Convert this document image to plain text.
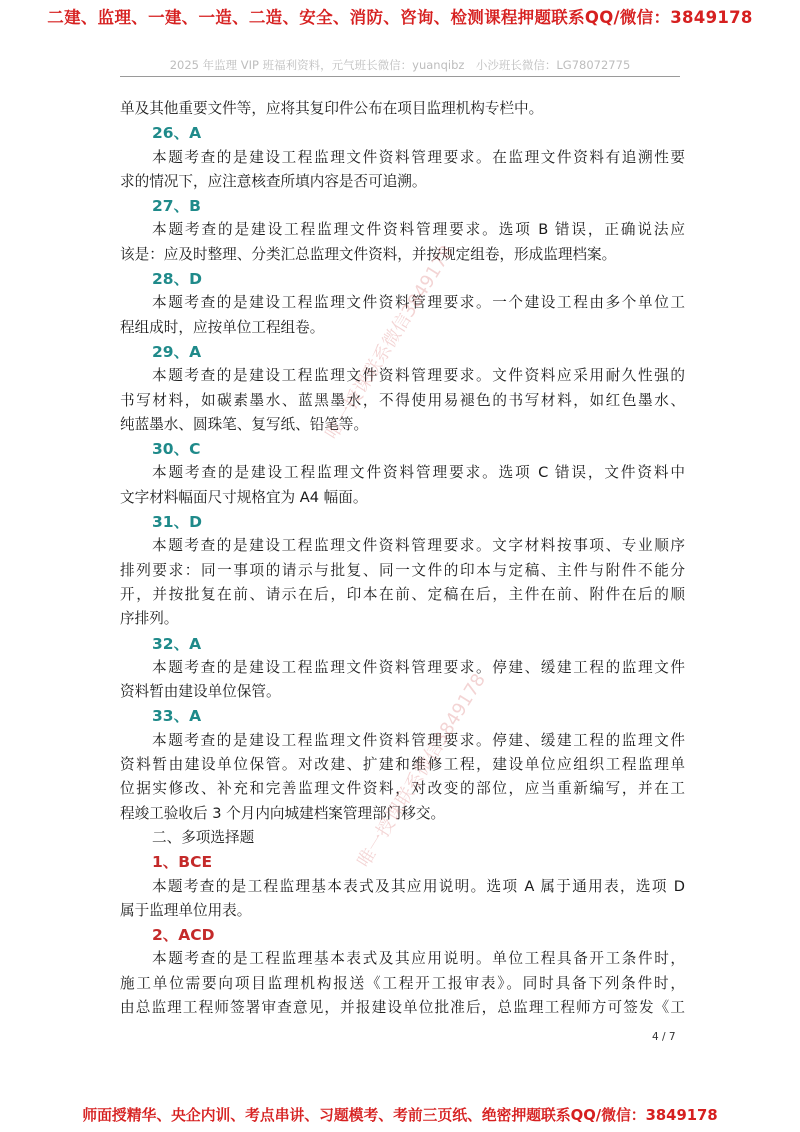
二建、监理、一建、一造、二造、安全、消防、咨询、检测课程押题联系QQ/微信：3849178
2025 年监理 VIP 班福利资料，元气班长微信：yuanqibz　小沙班长微信：LG78072775
单及其他重要文件等，应将其复印件公布在项目监理机构专栏中。
26、A
本题考查的是建设工程监理文件资料管理要求。在监理文件资料有追溯性要
求的情况下，应注意核查所填内容是否可追溯。
27、B
本题考查的是建设工程监理文件资料管理要求。选项 B 错误，正确说法应
该是：应及时整理、分类汇总监理文件资料，并按规定组卷，形成监理档案。
28、D
本题考查的是建设工程监理文件资料管理要求。一个建设工程由多个单位工
程组成时，应按单位工程组卷。
29、A
本题考查的是建设工程监理文件资料管理要求。文件资料应采用耐久性强的
书写材料，如碳素墨水、蓝黑墨水，不得使用易褪色的书写材料，如红色墨水、
纯蓝墨水、圆珠笔、复写纸、铅笔等。
30、C
本题考查的是建设工程监理文件资料管理要求。选项 C 错误，文件资料中
文字材料幅面尺寸规格宜为 A4 幅面。
31、D
本题考查的是建设工程监理文件资料管理要求。文字材料按事项、专业顺序
排列要求：同一事项的请示与批复、同一文件的印本与定稿、主件与附件不能分
开，并按批复在前、请示在后，印本在前、定稿在后，主件在前、附件在后的顺
序排列。
32、A
本题考查的是建设工程监理文件资料管理要求。停建、缓建工程的监理文件
资料暂由建设单位保管。
33、A
本题考查的是建设工程监理文件资料管理要求。停建、缓建工程的监理文件
资料暂由建设单位保管。对改建、扩建和维修工程，建设单位应组织工程监理单
位据实修改、补充和完善监理文件资料，对改变的部位，应当重新编写，并在工
程竣工验收后 3 个月内向城建档案管理部门移交。
二、多项选择题
1、BCE
本题考查的是工程监理基本表式及其应用说明。选项 A 属于通用表，选项 D
属于监理单位用表。
2、ACD
本题考查的是工程监理基本表式及其应用说明。单位工程具备开工条件时，
施工单位需要向项目监理机构报送《工程开工报审表》。同时具备下列条件时，
由总监理工程师签署审查意见，并报建设单位批准后，总监理工程师方可签发《工
唯一授课联系微信3849178
唯一授课联系微信3849178
4 / 7
师面授精华、央企内训、考点串讲、习题模考、考前三页纸、绝密押题联系QQ/微信：3849178
